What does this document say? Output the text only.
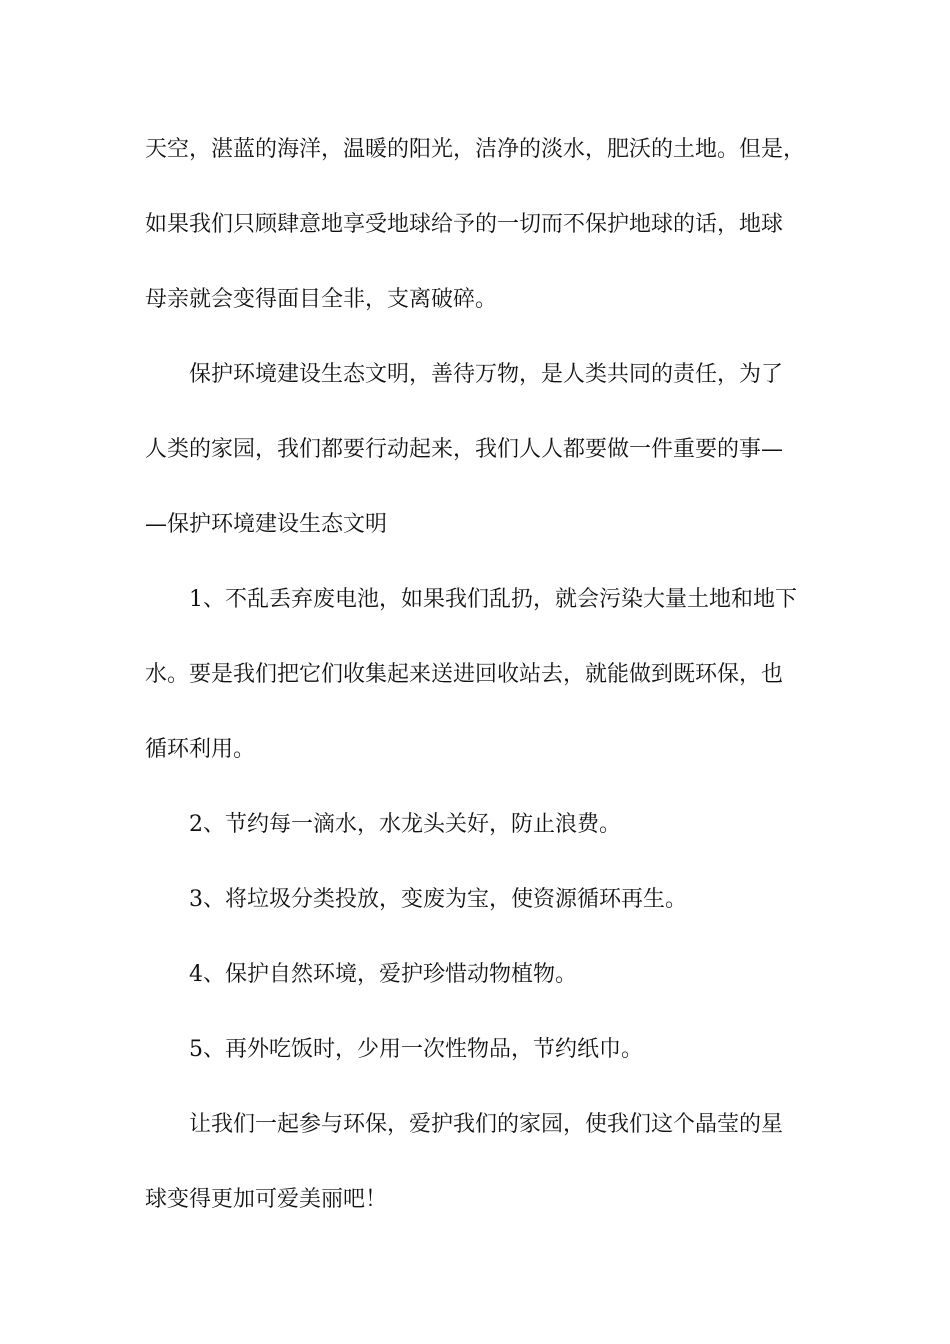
天空，湛蓝的海洋，温暖的阳光，洁净的淡水，肥沃的土地。但是，
如果我们只顾肆意地享受地球给予的一切而不保护地球的话，地球
母亲就会变得面目全非，支离破碎。
保护环境建设生态文明，善待万物，是人类共同的责任，为了
人类的家园，我们都要行动起来，我们人人都要做一件重要的事—
—保护环境建设生态文明
1、不乱丢弃废电池，如果我们乱扔，就会污染大量土地和地下
水。要是我们把它们收集起来送进回收站去，就能做到既环保，也
循环利用。
2、节约每一滴水，水龙头关好，防止浪费。
3、将垃圾分类投放，变废为宝，使资源循环再生。
4、保护自然环境，爱护珍惜动物植物。
5、再外吃饭时，少用一次性物品，节约纸巾。
让我们一起参与环保，爱护我们的家园，使我们这个晶莹的星
球变得更加可爱美丽吧！
